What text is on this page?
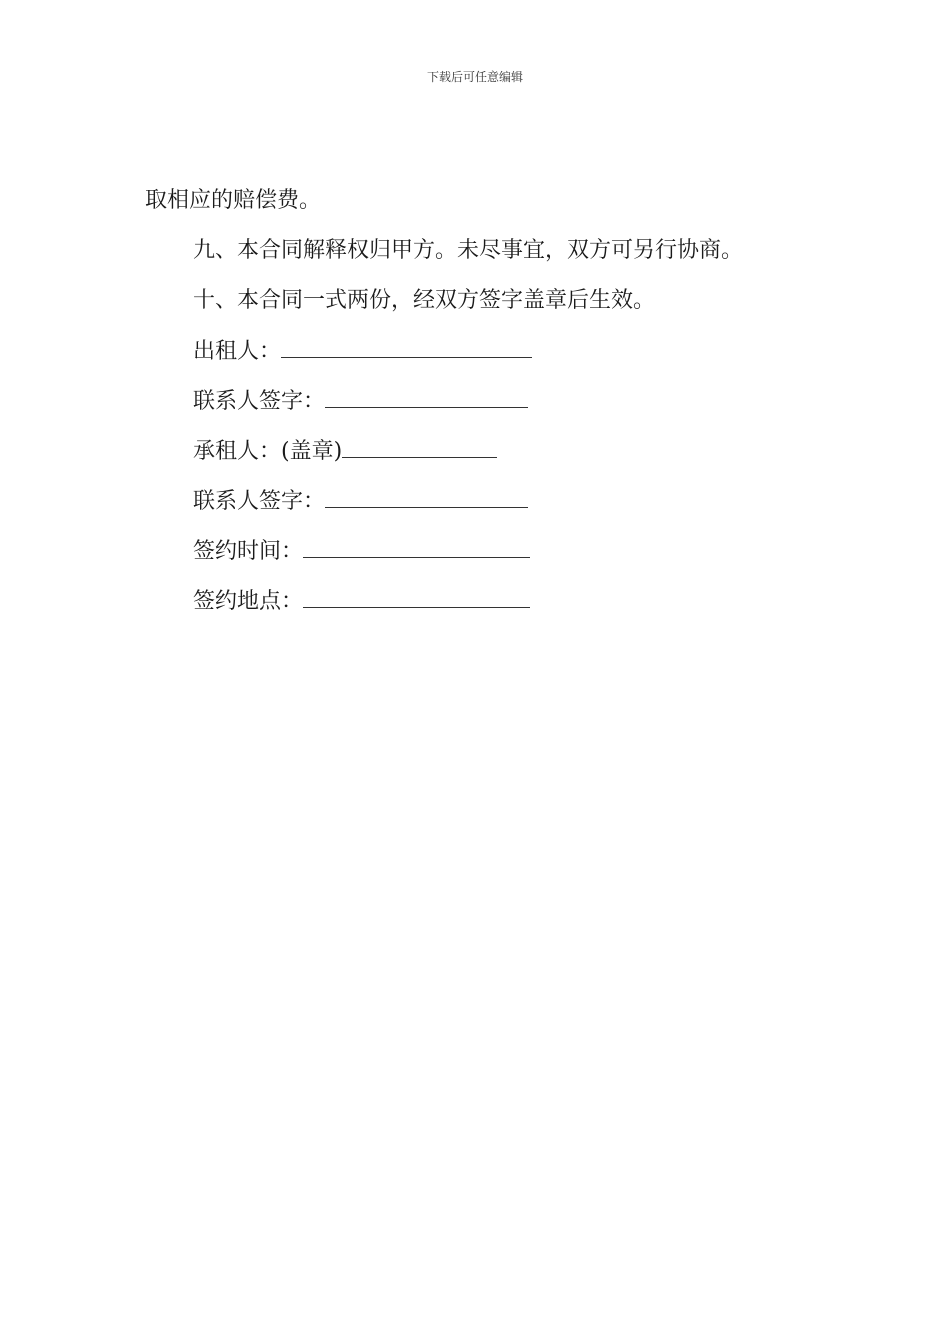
下载后可任意编辑
取相应的赔偿费。
九、本合同解释权归甲方。未尽事宜，双方可另行协商。
十、本合同一式两份，经双方签字盖章后生效。
出租人：
联系人签字：
承租人：(盖章)
联系人签字：
签约时间：
签约地点：
